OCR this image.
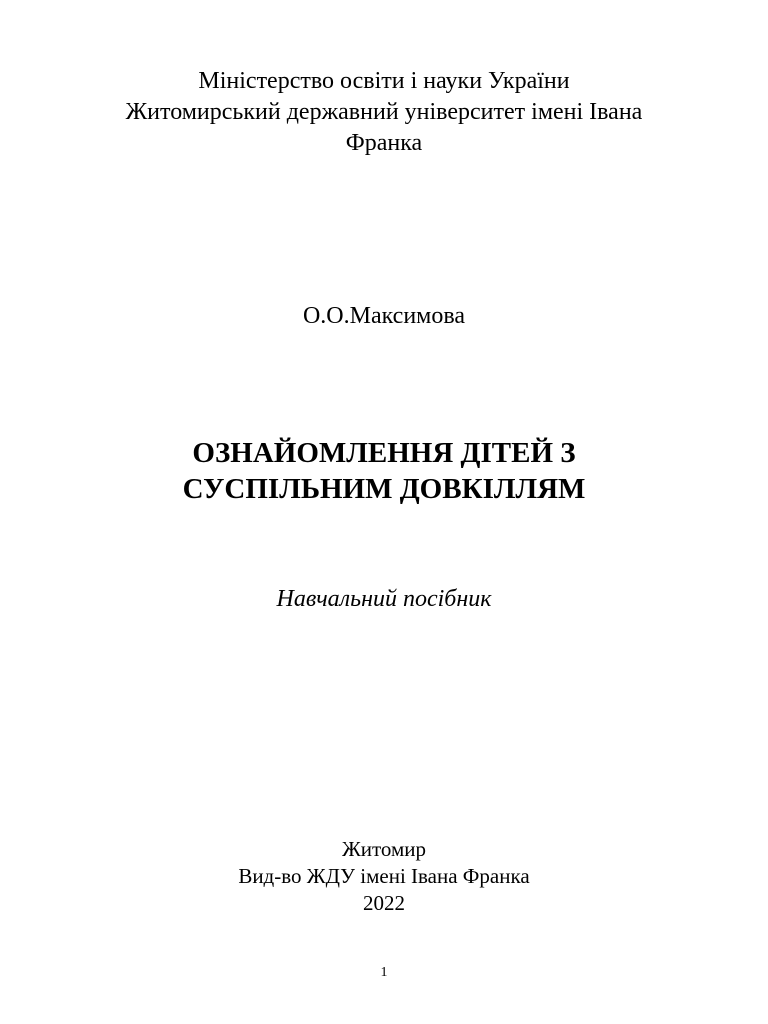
Міністерство освіти і науки України
Житомирський державний університет імені Івана
Франка
О.О.Максимова
ОЗНАЙОМЛЕННЯ ДІТЕЙ З
СУСПІЛЬНИМ ДОВКІЛЛЯМ
Навчальний посібник
Житомир
Вид-во ЖДУ імені Івана Франка
2022
1
